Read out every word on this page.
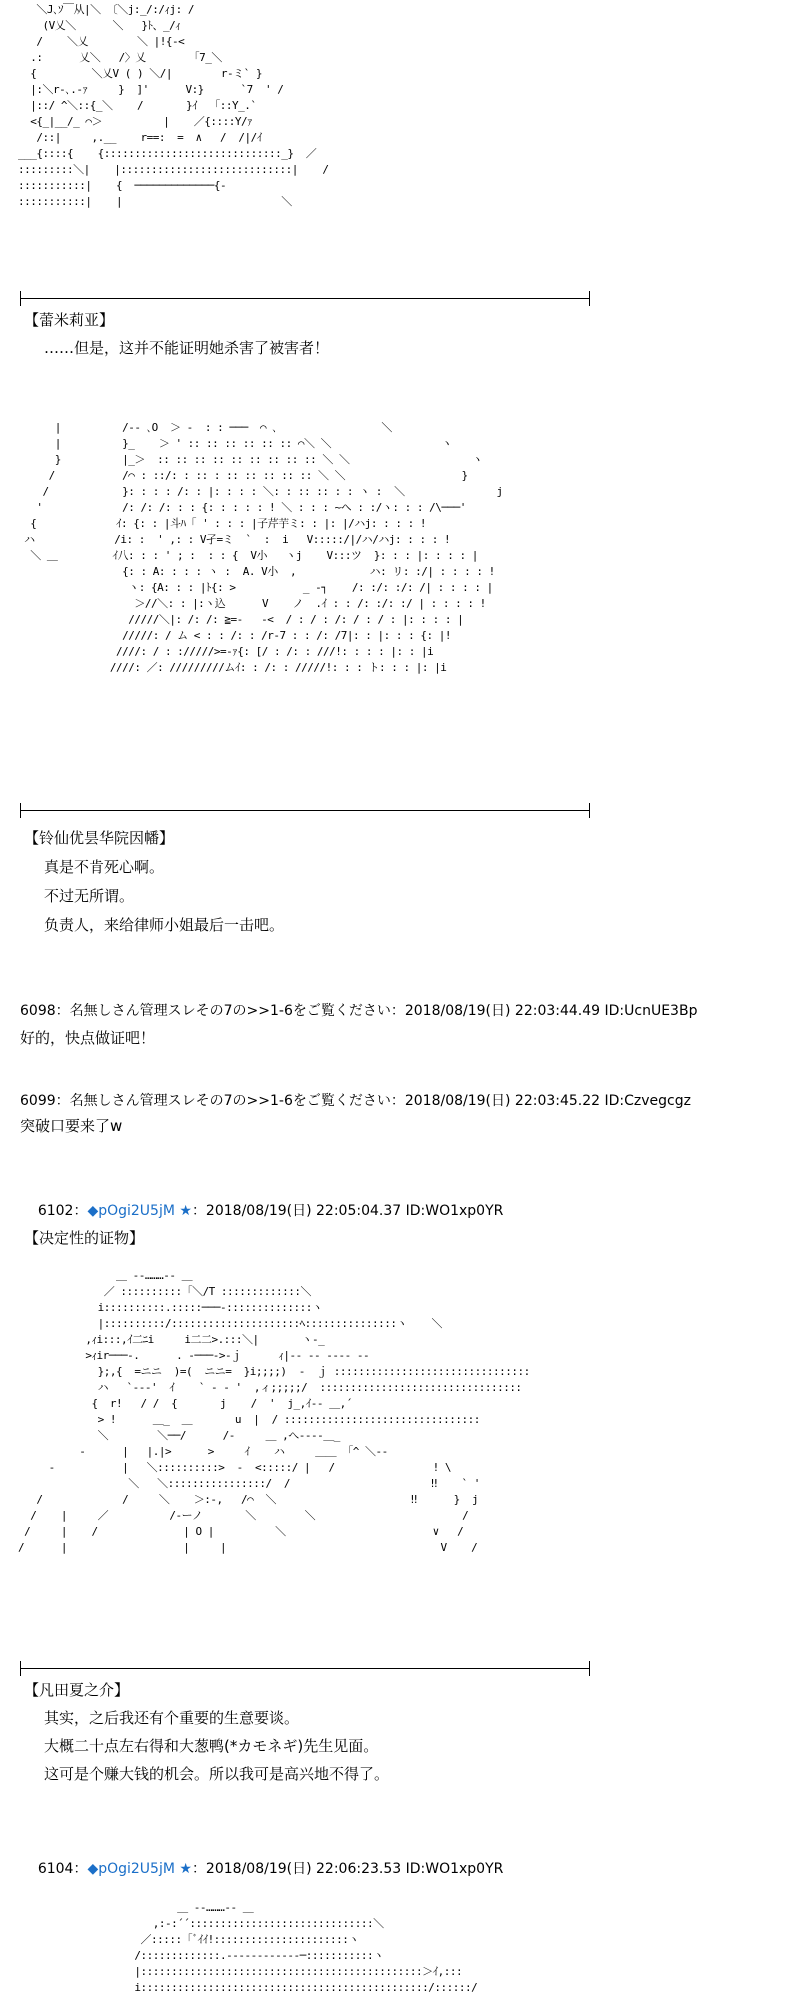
＼J､ｿ￣从|＼ 〔＼j:_/:/ｨj: /
(V乂＼      ＼   }ﾄ、_/ｨ
/    ＼乂        ＼ |!{-<
.:      乂＼   /〉乂       「7_＼
{         ＼乂V ( ) ＼/|        r‐ミ` }
|:＼r-､.-ｧ     }  ]'      V:}      `7  ' /
|::/ ^＼::{_＼    /       }ｲ  「::Y_.`
<{_|__/_ ⌒＞          |    ／{::::Y/ｧ
/::|     ,.__    r==:  =  ∧   /  /|/ｲ
___{::::{    {:::::::::::::::::::::::::::::_}  ／
:::::::::＼|    |::::::::::::::::::::::::::::|    /
:::::::::::|    {  ─────────────{‐
:::::::::::|    |                          ＼
【蕾米莉亚】
……但是，这并不能证明她杀害了被害者！
|          /-- ､O  ＞ -  : : ───  ⌒ ､                 ＼
|          }_    ＞ ' :: :: :: :: :: :: ⌒＼ ＼                  ヽ
}          |_＞  :: :: :: :: :: :: :: :: :: ＼ ＼                    ヽ
/           /⌒ : ::/: : :: : :: :: :: :: :: ＼ ＼                   }
/            }: : : : /: : |: : : : ＼: : :: :: : : ヽ :  ＼               j
'             /: /: /: : : {: : : : : ! ＼ : : : ~ヘ : :/ヽ: : : /\───'
{             ｲ: {: : |斗ﾊ「 ' : : : |子芹芋ミ: : |: |/ハj: : : : !
ハ             /i: :  ' ,: : V孑=ミ  `  :  i   V:::::/|/ハ/ハj: : : : !
＼ ＿         ｲ八: : : ' ; :  : : {  V小   ヽj    V:::ツ  }: : : |: : : : |
{: : A: : : : ヽ :  A. V小  ,            ハ: リ: :/| : : : : !
ヽ: {A: : : |ﾄ{: >           _ ‐┐    /: :/: :/: /| : : : : |
＞//＼: : |:ヽ込      V    ノ  .ｲ : : /: :/: :/ | : : : : !
/////＼|: /: /: ≧=‐   ‐<  / : / : /: / : / : |: : : : |
/////: / ム < : : /: : /r-7 : : /: /7|: : |: : : {: |!
////: / : ://///>=‐ｧ{: [/ : /: : ///!: : : : |: : |i
////: ／: /////////ムｲ: : /: : /////!: : : ト: : : |: |i
【铃仙优昙华院因幡】
真是不肯死心啊。
不过无所谓。
负责人，来给律师小姐最后一击吧。
6098：名無しさん管理スレその7の>>1-6をご覧ください：2018/08/19(日) 22:03:44.49 ID:UcnUE3Bp
好的，快点做证吧！
6099：名無しさん管理スレその7の>>1-6をご覧ください：2018/08/19(日) 22:03:45.22 ID:Czvegcgz
突破口要来了w

6102：◆pOgi2U5jM ★：2018/08/19(日) 22:05:04.37 ID:WO1xp0YR

【决定性的证物】
＿ -‐………‐- ＿
／ ::::::::::「＼/T :::::::::::::＼
i::::::::::.:::::───-::::::::::::::ヽ
|::::::::::/:::::::::::::::::::::ﾍ:::::::::::::::ヽ    ＼
,ｨi:::,ｲ二ﾆi     i二二>.:::＼|       ヽ-_
>ｨir───-.      . -───->-ｊ      ｨ|-‐ ‐‐ ---- --
};,{  =ニニ  )=(  ニニ=  }i;;;;)  -  ｊ ::::::::::::::::::::::::::::::::
ハ   `‐-‐'  ｲ    ` ‐ - '  ,ィ;;;;;/  :::::::::::::::::::::::::::::::::
{  r!   / /  {       j    /  '  j_,ｲ-‐ ＿,´
> !      ＿_  ＿       u  |  / ::::::::::::::::::::::::::::::::
＼        ＼──/      /‐     ＿ ,へ-‐‐‐＿_
-      |   |.|>      >     ｲ    ハ     ＿＿ 「^ ＼‐‐
‐           |   ＼::::::::::>  -  <:::::/ |   /                ! \
＼   ＼::::::::::::::::/  /                       ‼    ` '
/             /     ＼    ＞:-,   /⌒  ＼                      ‼      }  j
/    |     ／          /-ーノ       ＼        ＼                        /
/     |    /              | O |          ＼                        ∨   /
/      |                   |     |                                   V    /
【凡田夏之介】
其实，之后我还有个重要的生意要谈。
大概二十点左右得和大葱鸭(*カモネギ)先生见面。
这可是个赚大钱的机会。所以我可是高兴地不得了。

6104：◆pOgi2U5jM ★：2018/08/19(日) 22:06:23.53 ID:WO1xp0YR

＿ -‐………‐- ＿
,:‐:´´::::::::::::::::::::::::::::::＼
／:::::「ﾞｲｲ!::::::::::::::::::::::ヽ
/:::::::::::::.------------─:::::::::::ヽ
|::::::::::::::::::::::::::::::::::::::::::::::＞ｲ,:::
i:::::::::::::::::::::::::::::::::::::::::::::::/::::::/
